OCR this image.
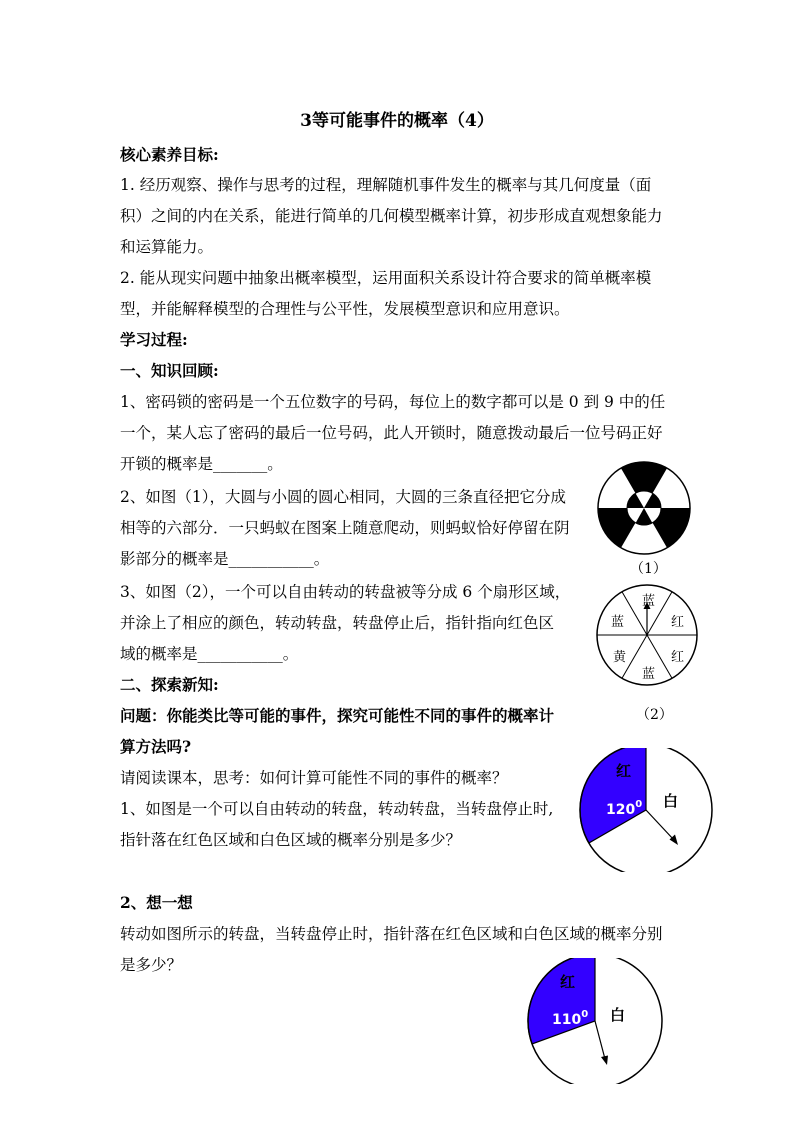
3等可能事件的概率（4）
核心素养目标:
1. 经历观察、操作与思考的过程，理解随机事件发生的概率与其几何度量（面
积）之间的内在关系，能进行简单的几何模型概率计算，初步形成直观想象能力
和运算能力。
2. 能从现实问题中抽象出概率模型，运用面积关系设计符合要求的简单概率模
型，并能解释模型的合理性与公平性，发展模型意识和应用意识。
学习过程:
一、知识回顾:
1、密码锁的密码是一个五位数字的号码，每位上的数字都可以是 0 到 9 中的任
一个，某人忘了密码的最后一位号码，此人开锁时，随意拨动最后一位号码正好
开锁的概率是_______。
2、如图（1），大圆与小圆的圆心相同，大圆的三条直径把它分成
相等的六部分．一只蚂蚁在图案上随意爬动，则蚂蚁恰好停留在阴
影部分的概率是___________。
3、如图（2），一个可以自由转动的转盘被等分成 6 个扇形区域，
并涂上了相应的颜色，转动转盘，转盘停止后，指针指向红色区
域的概率是___________。
二、探索新知:
问题：你能类比等可能的事件，探究可能性不同的事件的概率计
算方法吗?
请阅读课本，思考：如何计算可能性不同的事件的概率？
1、如图是一个可以自由转动的转盘，转动转盘，当转盘停止时,
指针落在红色区域和白色区域的概率分别是多少？
2、想一想
转动如图所示的转盘，当转盘停止时，指针落在红色区域和白色区域的概率分别
是多少？
（1）
蓝
红
红
蓝
黄
蓝
（2）
红
白
$120^0$
红
白
$110^0$
